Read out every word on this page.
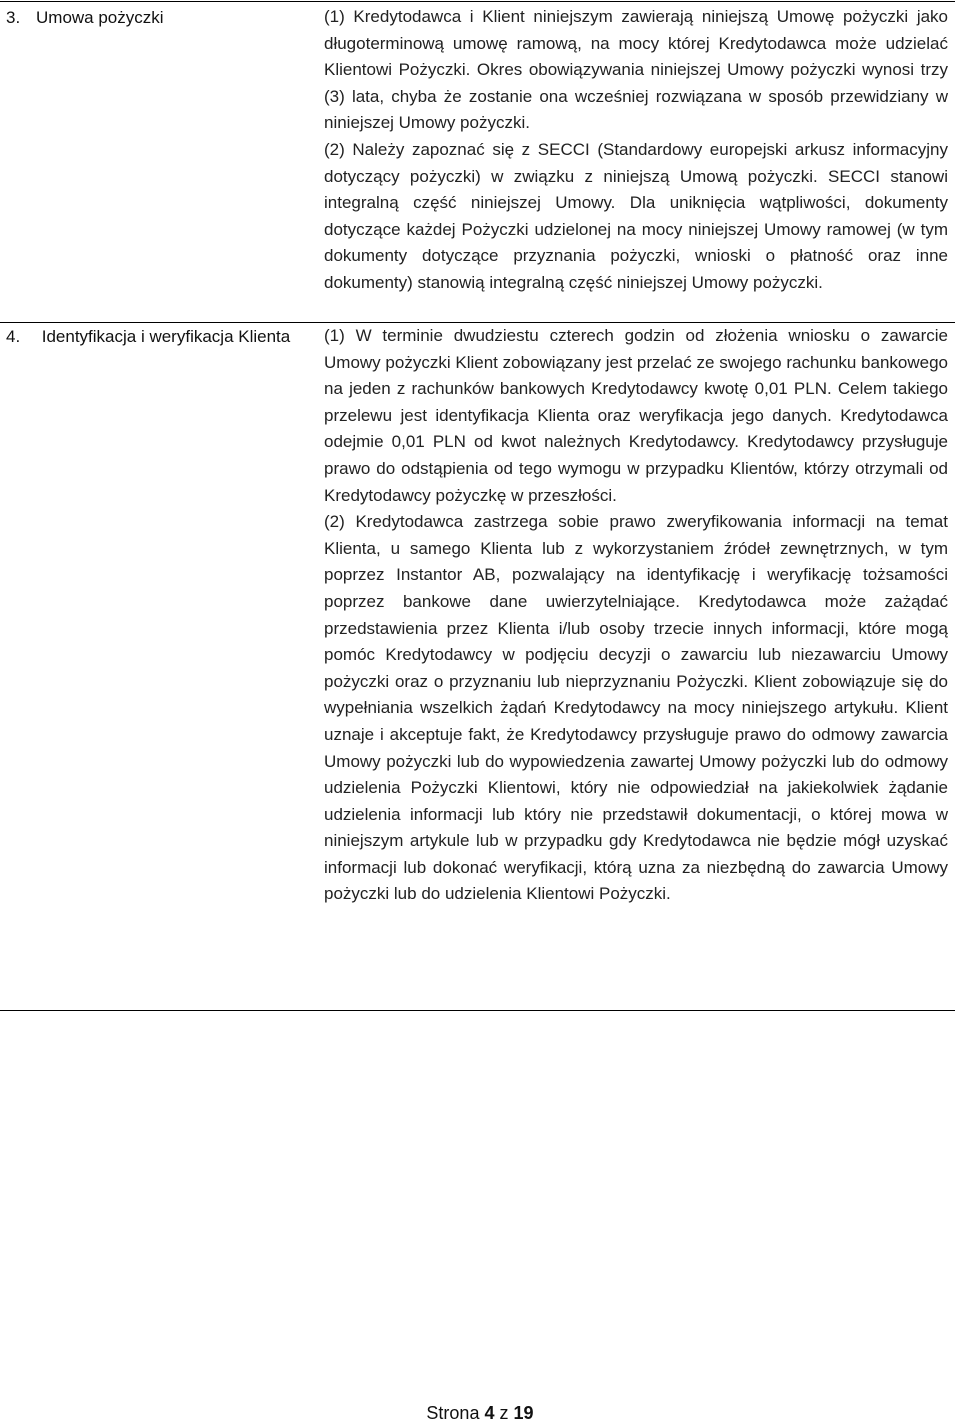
3. Umowa pożyczki	(1) Kredytodawca i Klient niniejszym zawierają niniejszą Umowę pożyczki jako długoterminową umowę ramową, na mocy której Kredytodawca może udzielać Klientowi Pożyczki. Okres obowiązywania niniejszej Umowy pożyczki wynosi trzy (3) lata, chyba że zostanie ona wcześniej rozwiązana w sposób przewidziany w niniejszej Umowy pożyczki.

(2) Należy zapoznać się z SECCI (Standardowy europejski arkusz informacyjny dotyczący pożyczki) w związku z niniejszą Umową pożyczki. SECCI stanowi integralną część niniejszej Umowy. Dla uniknięcia wątpliwości, dokumenty dotyczące każdej Pożyczki udzielonej na mocy niniejszej Umowy ramowej (w tym dokumenty dotyczące przyznania pożyczki, wnioski o płatność oraz inne dokumenty) stanowią integralną część niniejszej Umowy pożyczki.

4.	Identyfikacja i weryfikacja Klienta	(1) W terminie dwudziestu czterech godzin od złożenia wniosku o zawarcie Umowy pożyczki Klient zobowiązany jest przelać ze swojego rachunku bankowego na jeden z rachunków bankowych Kredytodawcy kwotę 0,01 PLN. Celem takiego przelewu jest identyfikacja Klienta oraz weryfikacja jego danych. Kredytodawca odejmie 0,01 PLN od kwot należnych Kredytodawcy. Kredytodawcy przysługuje prawo do odstąpienia od tego wymogu w przypadku Klientów, którzy otrzymali od Kredytodawcy pożyczkę w przeszłości.

(2) Kredytodawca zastrzega sobie prawo zweryfikowania informacji na temat Klienta, u samego Klienta lub z wykorzystaniem źródeł zewnętrznych, w tym poprzez Instantor AB, pozwalający na identyfikację i weryfikację tożsamości poprzez bankowe dane uwierzytelniające. Kredytodawca może zażądać przedstawienia przez Klienta i/lub osoby trzecie innych informacji, które mogą pomóc Kredytodawcy w podjęciu decyzji o zawarciu lub niezawarciu Umowy pożyczki oraz o przyznaniu lub nieprzyznaniu Pożyczki. Klient zobowiązuje się do wypełniania wszelkich żądań Kredytodawcy na mocy niniejszego artykułu. Klient uznaje i akceptuje fakt, że Kredytodawcy przysługuje prawo do odmowy zawarcia Umowy pożyczki lub do wypowiedzenia zawartej Umowy pożyczki lub do odmowy udzielenia Pożyczki Klientowi, który nie odpowiedział na jakiekolwiek żądanie udzielenia informacji lub który nie przedstawił dokumentacji, o której mowa w niniejszym artykule lub w przypadku gdy Kredytodawca nie będzie mógł uzyskać informacji lub dokonać weryfikacji, którą uzna za niezbędną do zawarcia Umowy pożyczki lub do udzielenia Klientowi Pożyczki.

Strona 4 z 19
